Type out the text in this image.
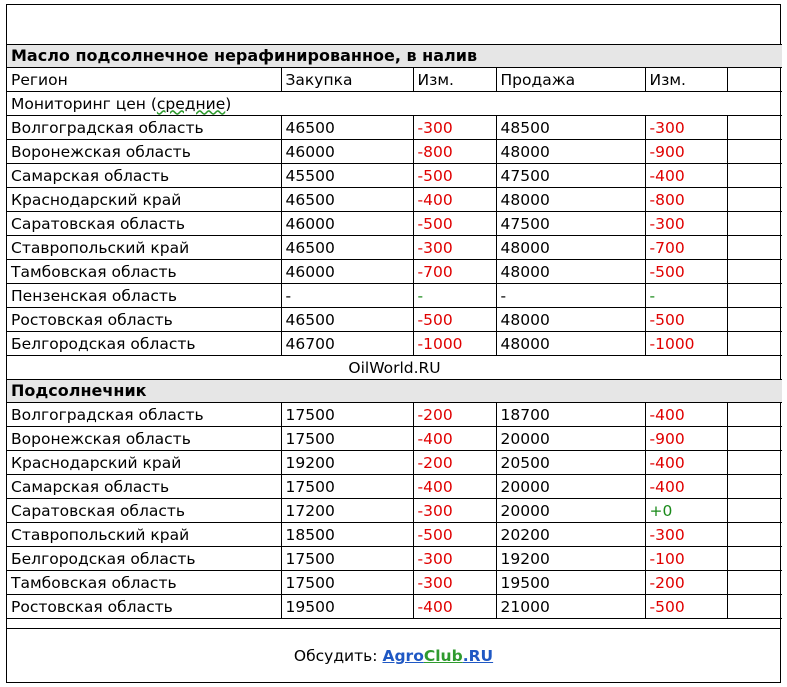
Масло подсолнечное нерафинированное, в налив					
Регион	Закупка	Изм.	Продажа	Изм.	
Мониторинг цен (средние)					
Волгоградская область	46500	-300	48500	-300	
Воронежская область	46000	-800	48000	-900	
Самарская область	45500	-500	47500	-400	
Краснодарский край	46500	-400	48000	-800	
Саратовская область	46000	-500	47500	-300	
Ставропольский край	46500	-300	48000	-700	
Тамбовская область	46000	-700	48000	-500	
Пензенская область	-	-	-	-	
Ростовская область	46500	-500	48000	-500	
Белгородская область	46700	-1000	48000	-1000	
OilWorld.RU					
Подсолнечник					
Волгоградская область	17500	-200	18700	-400	
Воронежская область	17500	-400	20000	-900	
Краснодарский край	19200	-200	20500	-400	
Самарская область	17500	-400	20000	-400	
Саратовская область	17200	-300	20000	+0	
Ставропольский край	18500	-500	20200	-300	
Белгородская область	17500	-300	19200	-100	
Тамбовская область	17500	-300	19500	-200	
Ростовская область	19500	-400	21000	-500	
Обсудить: AgroClub.RU
